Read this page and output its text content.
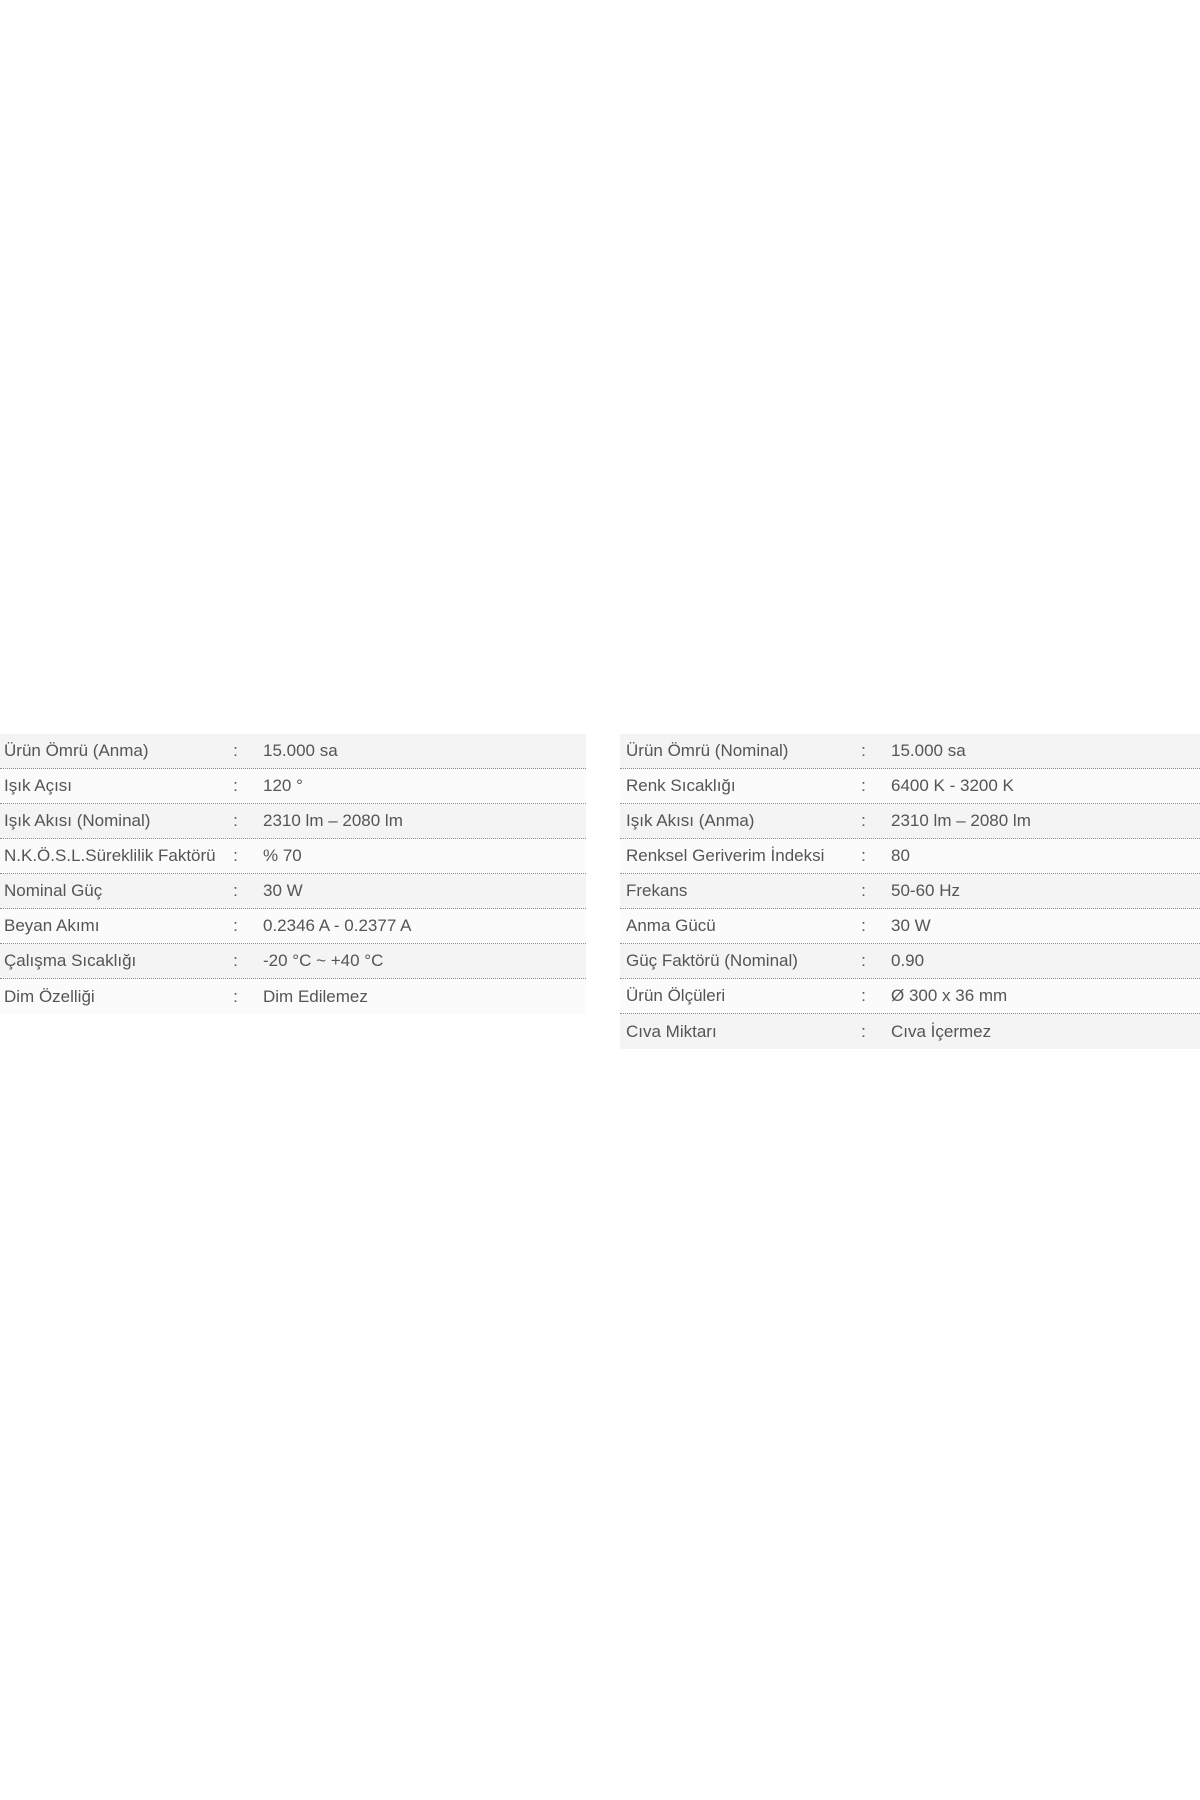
Ürün Ömrü (Anma)	:	15.000 sa
Işık Açısı	:	120 °
Işık Akısı (Nominal)	:	2310 lm – 2080 lm
N.K.Ö.S.L.Süreklilik Faktörü	:	% 70
Nominal Güç	:	30 W
Beyan Akımı	:	0.2346 A - 0.2377 A
Çalışma Sıcaklığı	:	-20 °C ~ +40 °C
Dim Özelliği	:	Dim Edilemez
Ürün Ömrü (Nominal)	:	15.000 sa
Renk Sıcaklığı	:	6400 K - 3200 K
Işık Akısı (Anma)	:	2310 lm – 2080 lm
Renksel Geriverim İndeksi	:	80
Frekans	:	50-60 Hz
Anma Gücü	:	30 W
Güç Faktörü (Nominal)	:	0.90
Ürün Ölçüleri	:	Ø 300 x 36 mm
Cıva Miktarı	:	Cıva İçermez
